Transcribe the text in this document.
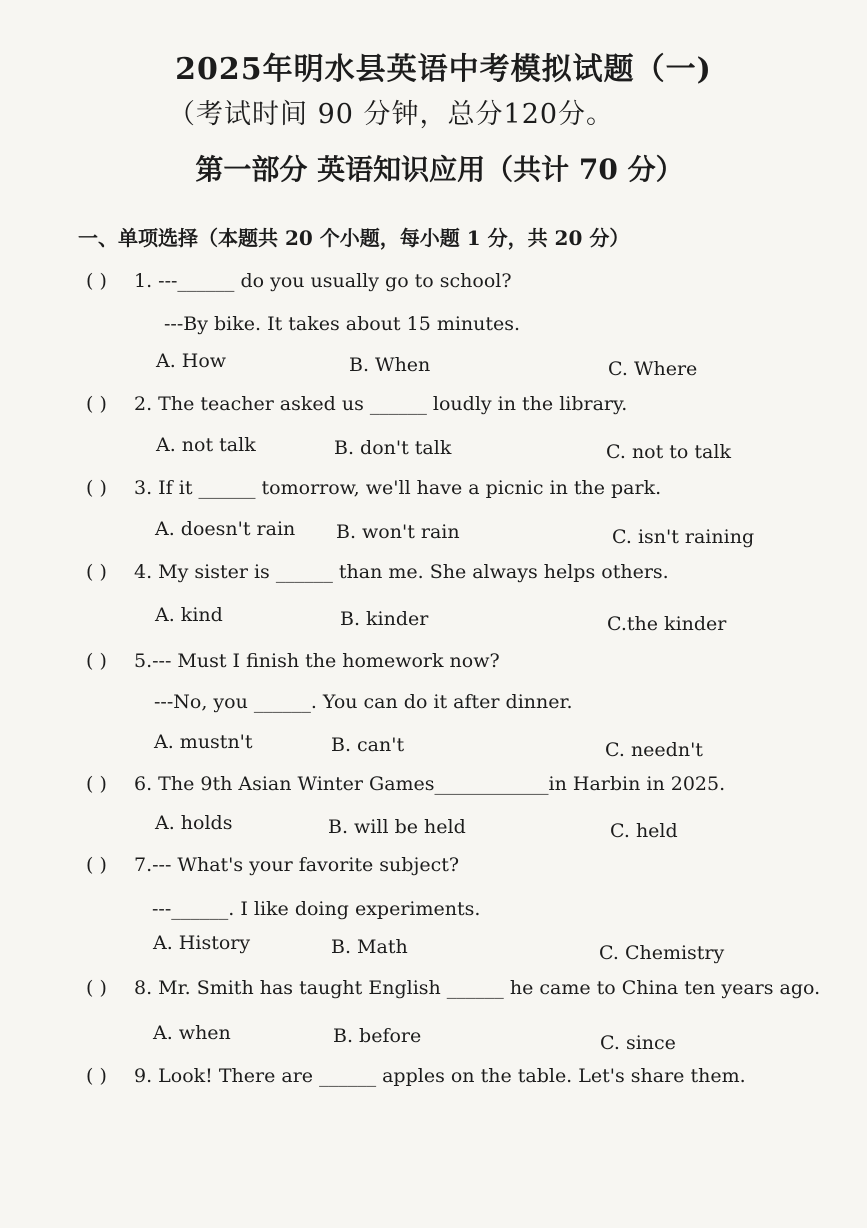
2025年明水县英语中考模拟试题（一)
（考试时间 90 分钟，总分120分。
第一部分 英语知识应用（共计 70 分）
一、单项选择（本题共 20 个小题，每小题 1 分，共 20 分）
( ) 1. ---______ do you usually go to school?
---By bike. It takes about 15 minutes.
A. How	B. When	C. Where
( ) 2. The teacher asked us ______ loudly in the library.
A. not talk	B. don't talk	C. not to talk
( ) 3. If it ______ tomorrow, we'll have a picnic in the park.
A. doesn't rain B. won't rain	C. isn't raining
( ) 4. My sister is ______ than me. She always helps others.
A. kind	B. kinder	C.the kinder
( ) 5.--- Must I finish the homework now?
---No, you ______. You can do it after dinner.
A. mustn't	B. can't	C. needn't
( ) 6. The 9th Asian Winter Games____________in Harbin in 2025.
A. holds	B. will be held	C. held
( ) 7.--- What's your favorite subject?
---______. I like doing experiments.
A. History	B. Math	C. Chemistry
( ) 8. Mr. Smith has taught English ______ he came to China ten years ago.
A. when	B. before	C. since
( ) 9. Look! There are ______ apples on the table. Let's share them.
